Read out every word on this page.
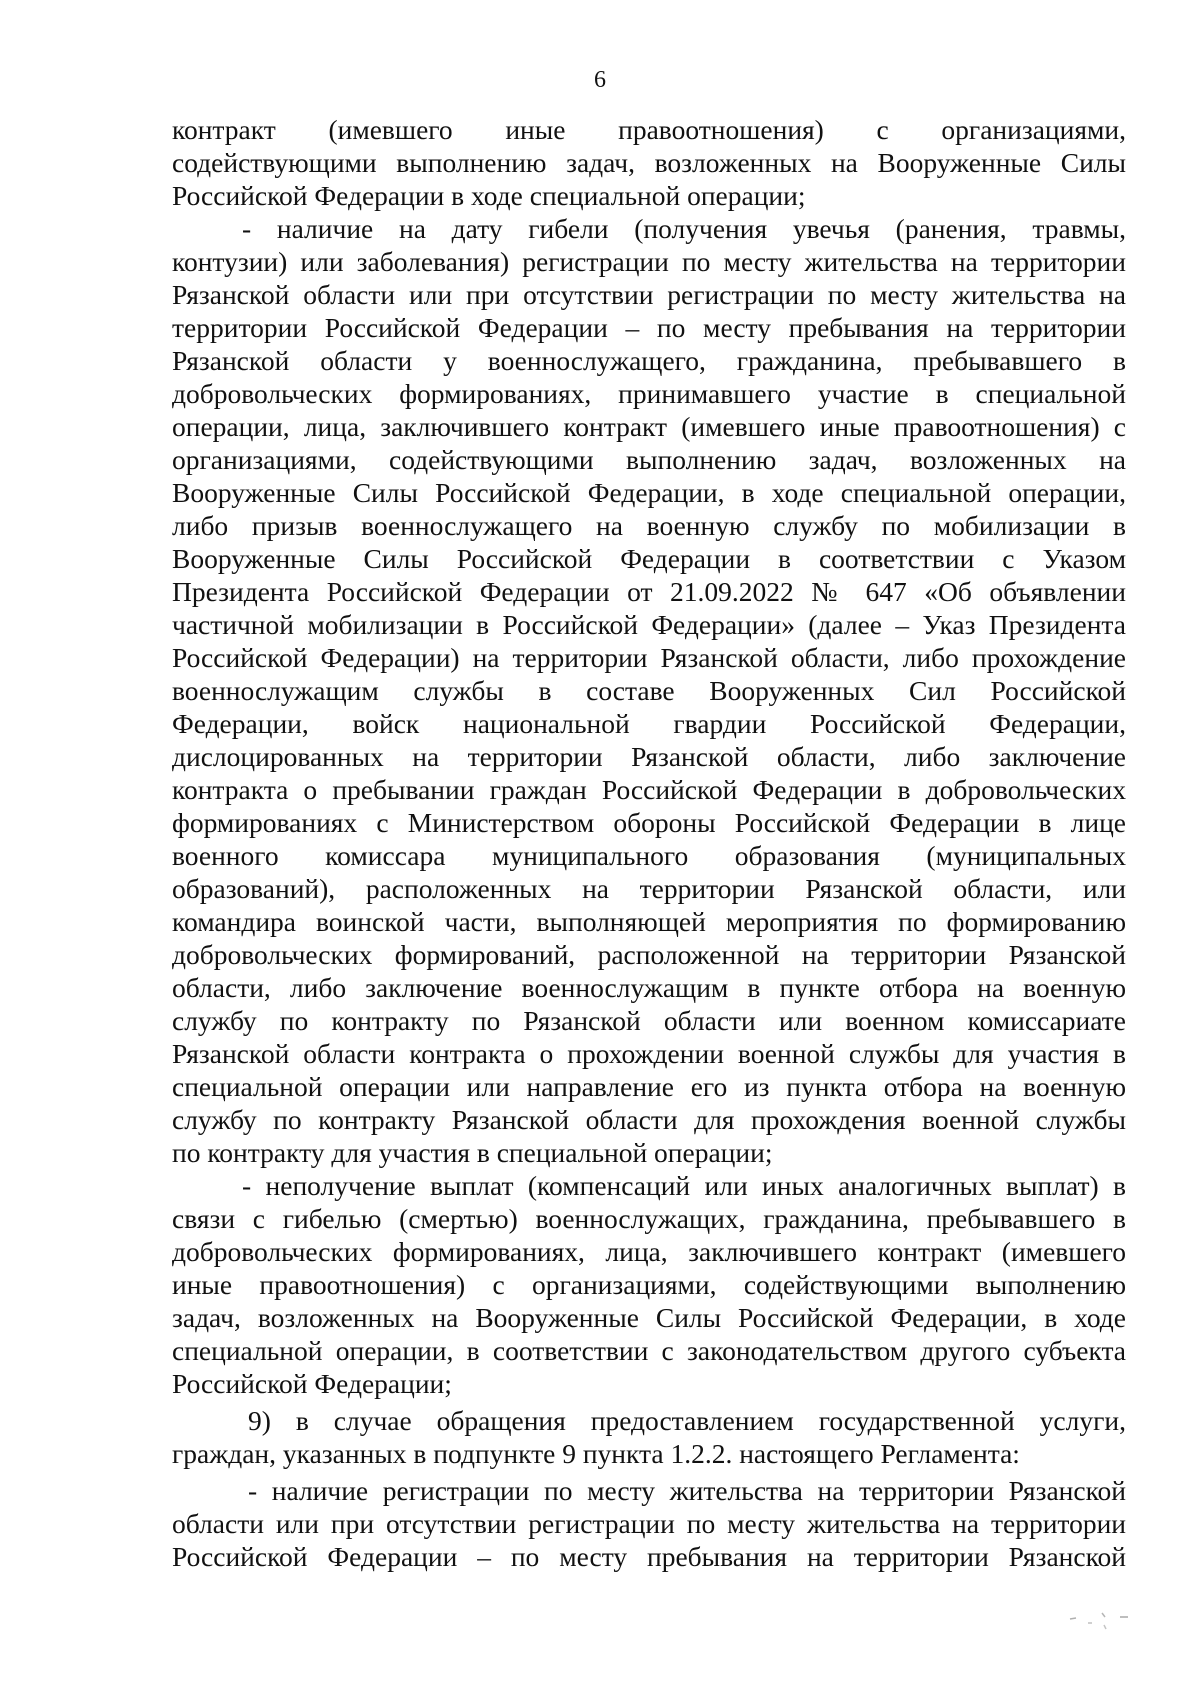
6
контракт (имевшего иные правоотношения) с организациями,
содействующими выполнению задач, возложенных на Вооруженные Силы
Российской Федерации в ходе специальной операции;
- наличие на дату гибели (получения увечья (ранения, травмы,
контузии) или заболевания) регистрации по месту жительства на территории
Рязанской области или при отсутствии регистрации по месту жительства на
территории Российской Федерации – по месту пребывания на территории
Рязанской области у военнослужащего, гражданина, пребывавшего в
добровольческих формированиях, принимавшего участие в специальной
операции, лица, заключившего контракт (имевшего иные правоотношения) с
организациями, содействующими выполнению задач, возложенных на
Вооруженные Силы Российской Федерации, в ходе специальной операции,
либо призыв военнослужащего на военную службу по мобилизации в
Вооруженные Силы Российской Федерации в соответствии с Указом
Президента Российской Федерации от 21.09.2022 № 647 «Об объявлении
частичной мобилизации в Российской Федерации» (далее – Указ Президента
Российской Федерации) на территории Рязанской области, либо прохождение
военнослужащим службы в составе Вооруженных Сил Российской
Федерации, войск национальной гвардии Российской Федерации,
дислоцированных на территории Рязанской области, либо заключение
контракта о пребывании граждан Российской Федерации в добровольческих
формированиях с Министерством обороны Российской Федерации в лице
военного комиссара муниципального образования (муниципальных
образований), расположенных на территории Рязанской области, или
командира воинской части, выполняющей мероприятия по формированию
добровольческих формирований, расположенной на территории Рязанской
области, либо заключение военнослужащим в пункте отбора на военную
службу по контракту по Рязанской области или военном комиссариате
Рязанской области контракта о прохождении военной службы для участия в
специальной операции или направление его из пункта отбора на военную
службу по контракту Рязанской области для прохождения военной службы
по контракту для участия в специальной операции;
- неполучение выплат (компенсаций или иных аналогичных выплат) в
связи с гибелью (смертью) военнослужащих, гражданина, пребывавшего в
добровольческих формированиях, лица, заключившего контракт (имевшего
иные правоотношения) с организациями, содействующими выполнению
задач, возложенных на Вооруженные Силы Российской Федерации, в ходе
специальной операции, в соответствии с законодательством другого субъекта
Российской Федерации;
9) в случае обращения предоставлением государственной услуги,
граждан, указанных в подпункте 9 пункта 1.2.2. настоящего Регламента:
- наличие регистрации по месту жительства на территории Рязанской
области или при отсутствии регистрации по месту жительства на территории
Российской Федерации – по месту пребывания на территории Рязанской
